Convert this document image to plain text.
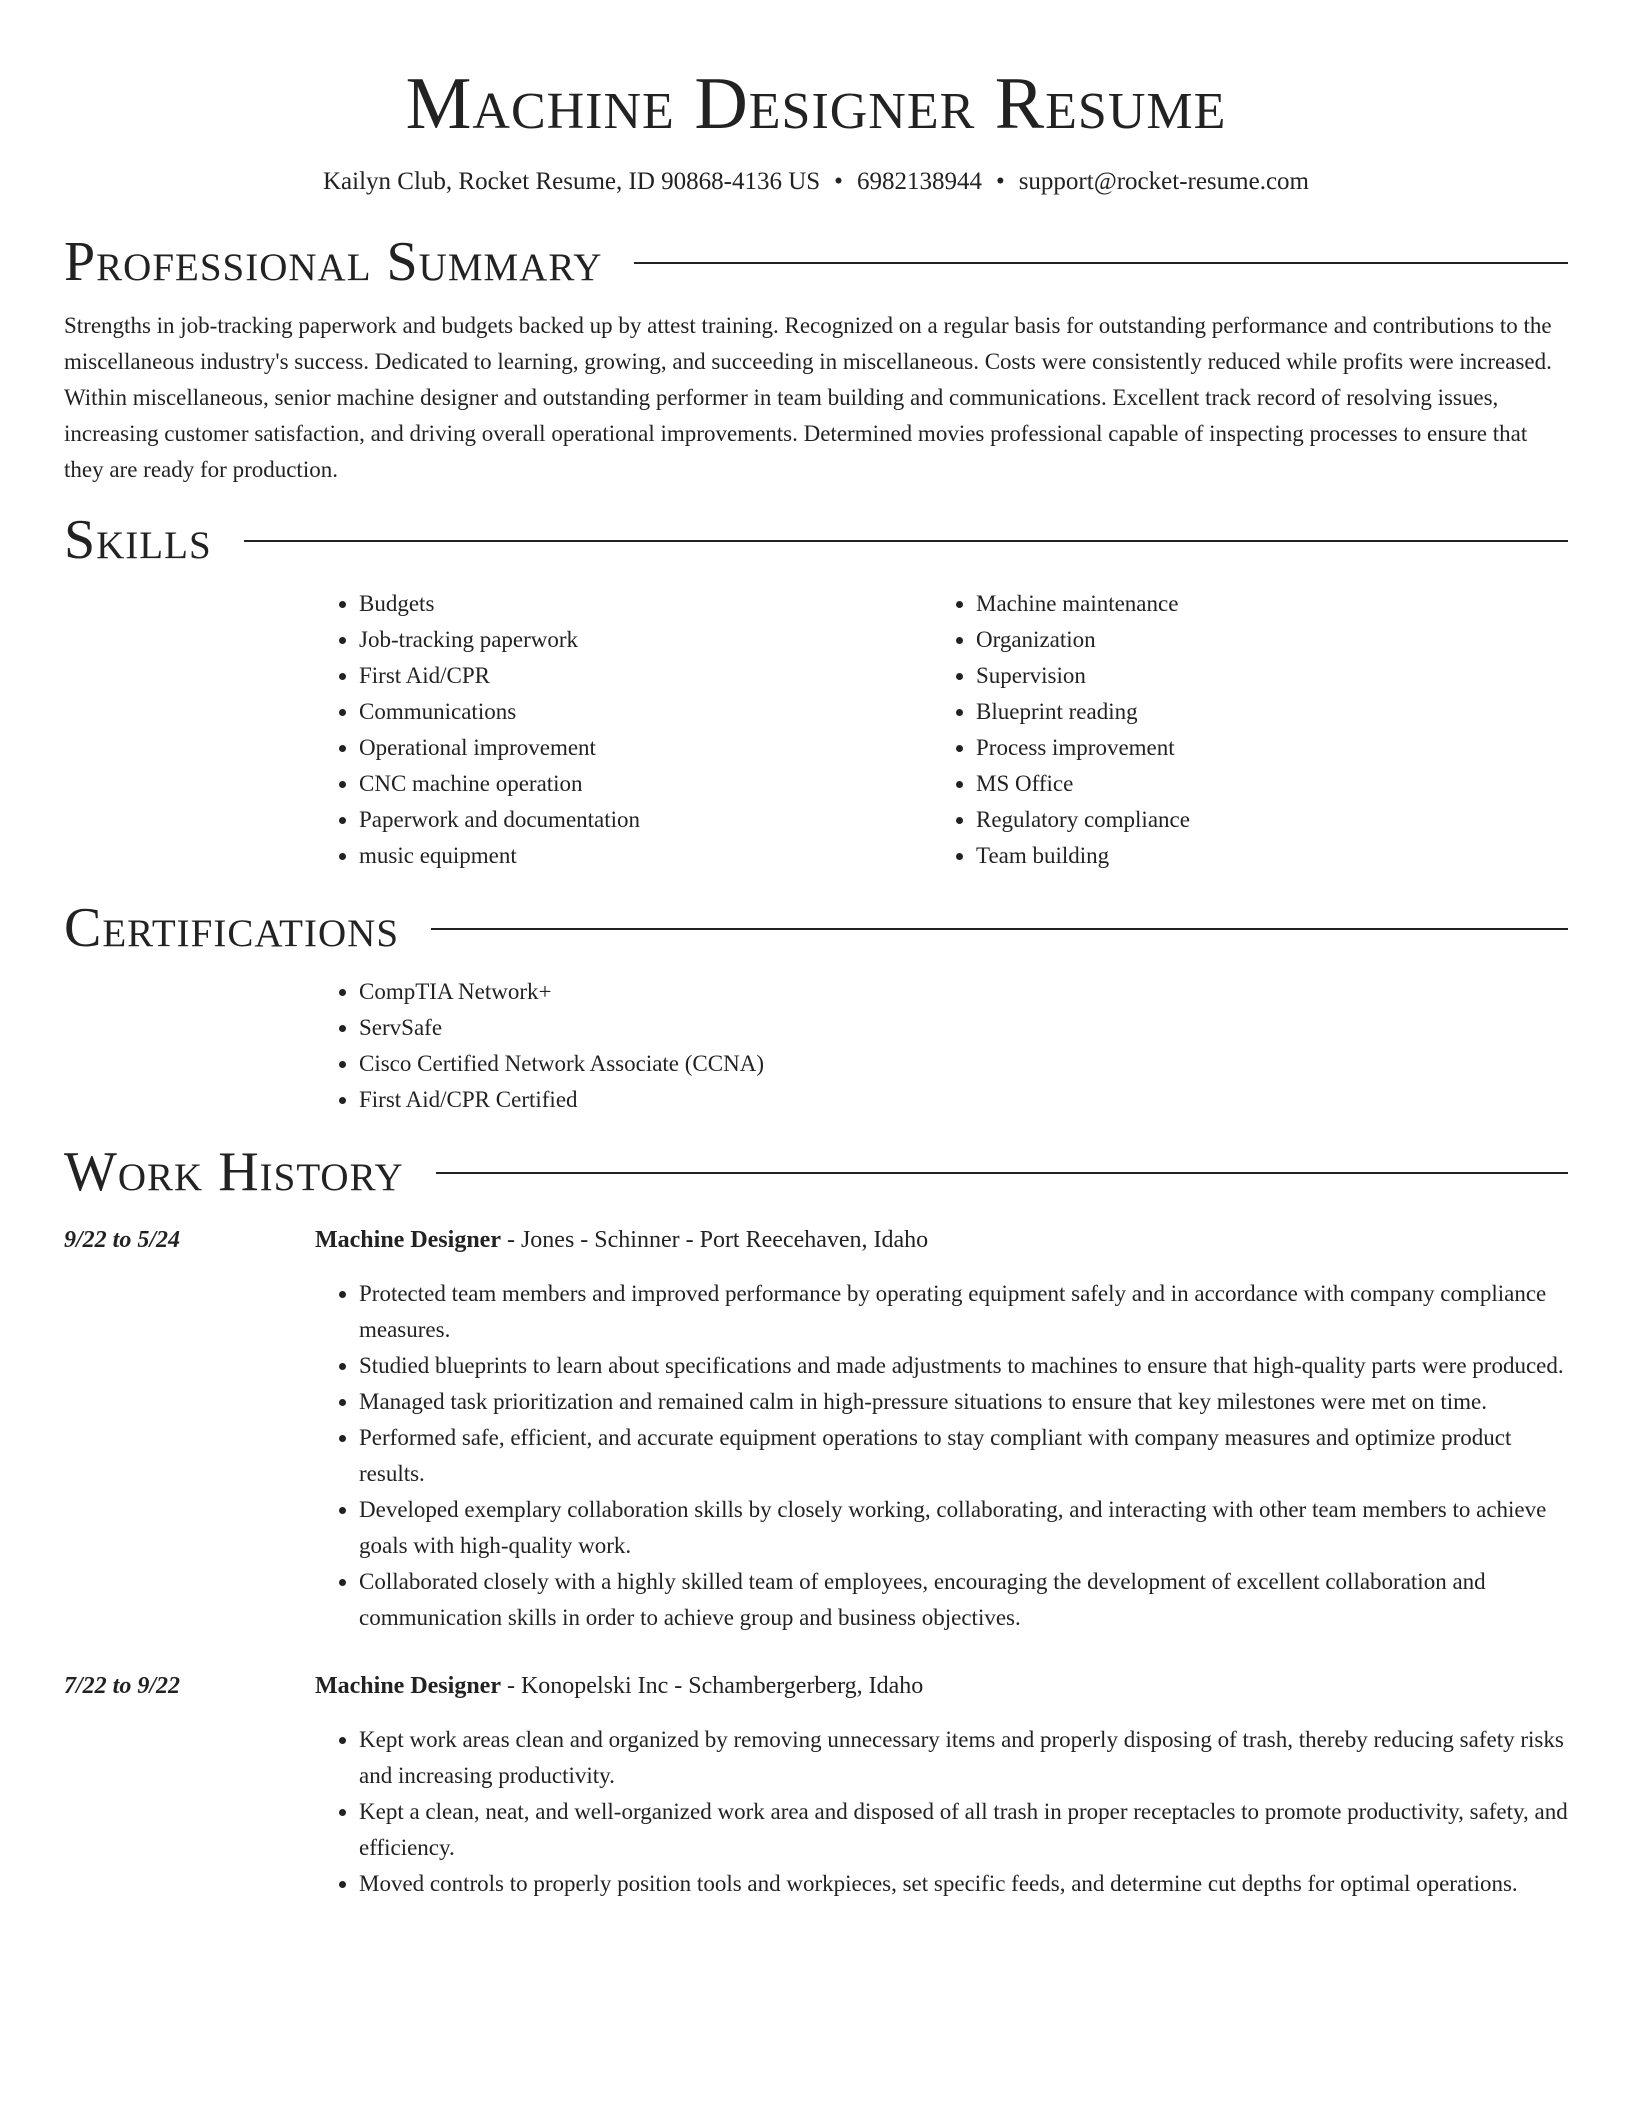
Machine Designer Resume
Kailyn Club, Rocket Resume, ID 90868-4136 US • 6982138944 • support@rocket-resume.com
Professional Summary

Strengths in job-tracking paperwork and budgets backed up by attest training. Recognized on a regular basis for outstanding performance and contributions to the miscellaneous industry's success. Dedicated to learning, growing, and succeeding in miscellaneous. Costs were consistently reduced while profits were increased. Within miscellaneous, senior machine designer and outstanding performer in team building and communications. Excellent track record of resolving issues, increasing customer satisfaction, and driving overall operational improvements. Determined movies professional capable of inspecting processes to ensure that they are ready for production.

Skills
• Budgets
• Job-tracking paperwork
• First Aid/CPR
• Communications
• Operational improvement
• CNC machine operation
• Paperwork and documentation
• music equipment
• Machine maintenance
• Organization
• Supervision
• Blueprint reading
• Process improvement
• MS Office
• Regulatory compliance
• Team building
Certifications
• CompTIA Network+
• ServSafe
• Cisco Certified Network Associate (CCNA)
• First Aid/CPR Certified
Work History
9/22 to 5/24	Machine Designer - Jones - Schinner - Port Reecehaven, Idaho
• Protected team members and improved performance by operating equipment safely and in accordance with company compliance measures.
• Studied blueprints to learn about specifications and made adjustments to machines to ensure that high-quality parts were produced.
• Managed task prioritization and remained calm in high-pressure situations to ensure that key milestones were met on time.
• Performed safe, efficient, and accurate equipment operations to stay compliant with company measures and optimize product results.
• Developed exemplary collaboration skills by closely working, collaborating, and interacting with other team members to achieve goals with high-quality work.
• Collaborated closely with a highly skilled team of employees, encouraging the development of excellent collaboration and communication skills in order to achieve group and business objectives.
7/22 to 9/22	Machine Designer - Konopelski Inc - Schambergerberg, Idaho
• Kept work areas clean and organized by removing unnecessary items and properly disposing of trash, thereby reducing safety risks and increasing productivity.
• Kept a clean, neat, and well-organized work area and disposed of all trash in proper receptacles to promote productivity, safety, and efficiency.
• Moved controls to properly position tools and workpieces, set specific feeds, and determine cut depths for optimal operations.
